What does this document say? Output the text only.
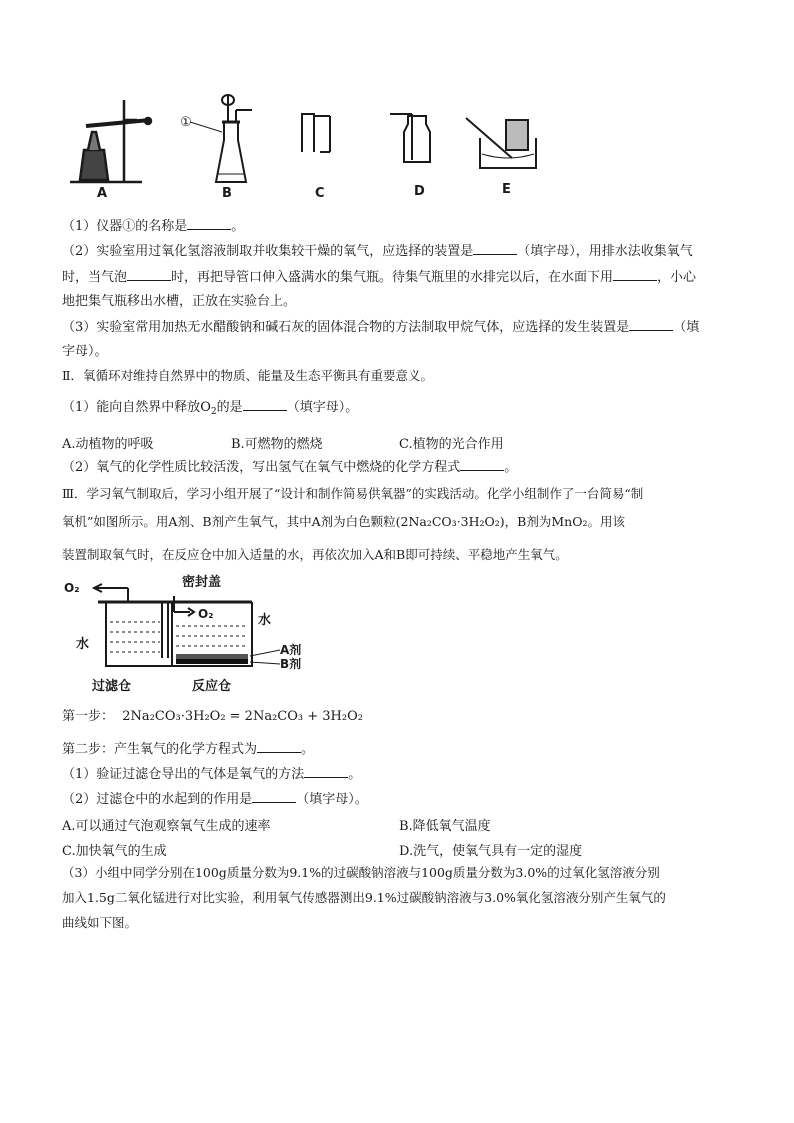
①
A	B	C	D	E
（1）仪器①的名称是	。
（2）实验室用过氧化氢溶液制取并收集较干燥的氧气，应选择的装置是	（填字母），用排水法收集氧气
时，当气泡	时，再把导管口伸入盛满水的集气瓶。待集气瓶里的水排完以后，在水面下用	，小心
地把集气瓶移出水槽，正放在实验台上。
（3）实验室常用加热无水醋酸钠和碱石灰的固体混合物的方法制取甲烷气体，应选择的发生装置是	（填
字母）。
Ⅱ．氧循环对维持自然界中的物质、能量及生态平衡具有重要意义。
（1）能向自然界中释放$O_2$的是	（填字母）。
A.动植物的呼吸	B.可燃物的燃烧	C.植物的光合作用
（2）氧气的化学性质比较活泼，写出氢气在氧气中燃烧的化学方程式	。
Ⅲ．学习氧气制取后，学习小组开展了“设计和制作简易供氧器”的实践活动。化学小组制作了一台简易“制
氧机”如图所示。用A剂、B剂产生氧气，其中A剂为白色颗粒(2Na₂CO₃·3H₂O₂)，B剂为MnO₂。用该
装置制取氧气时，在反应仓中加入适量的水，再依次加入A和B即可持续、平稳地产生氧气。
O₂	密封盖
O₂	水
水	A剂
B剂
过滤仓	反应仓
第一步： 2Na₂CO₃·3H₂O₂ = 2Na₂CO₃ + 3H₂O₂
第二步：产生氧气的化学方程式为	。
（1）验证过滤仓导出的气体是氧气的方法	。
（2）过滤仓中的水起到的作用是	（填字母）。
A.可以通过气泡观察氧气生成的速率	B.降低氧气温度
C.加快氧气的生成	D.洗气，使氧气具有一定的湿度
（3）小组中同学分别在100g质量分数为9.1%的过碳酸钠溶液与100g质量分数为3.0%的过氧化氢溶液分别
加入1.5g二氧化锰进行对比实验，利用氧气传感器测出9.1%过碳酸钠溶液与3.0%氧化氢溶液分别产生氧气的
曲线如下图。
